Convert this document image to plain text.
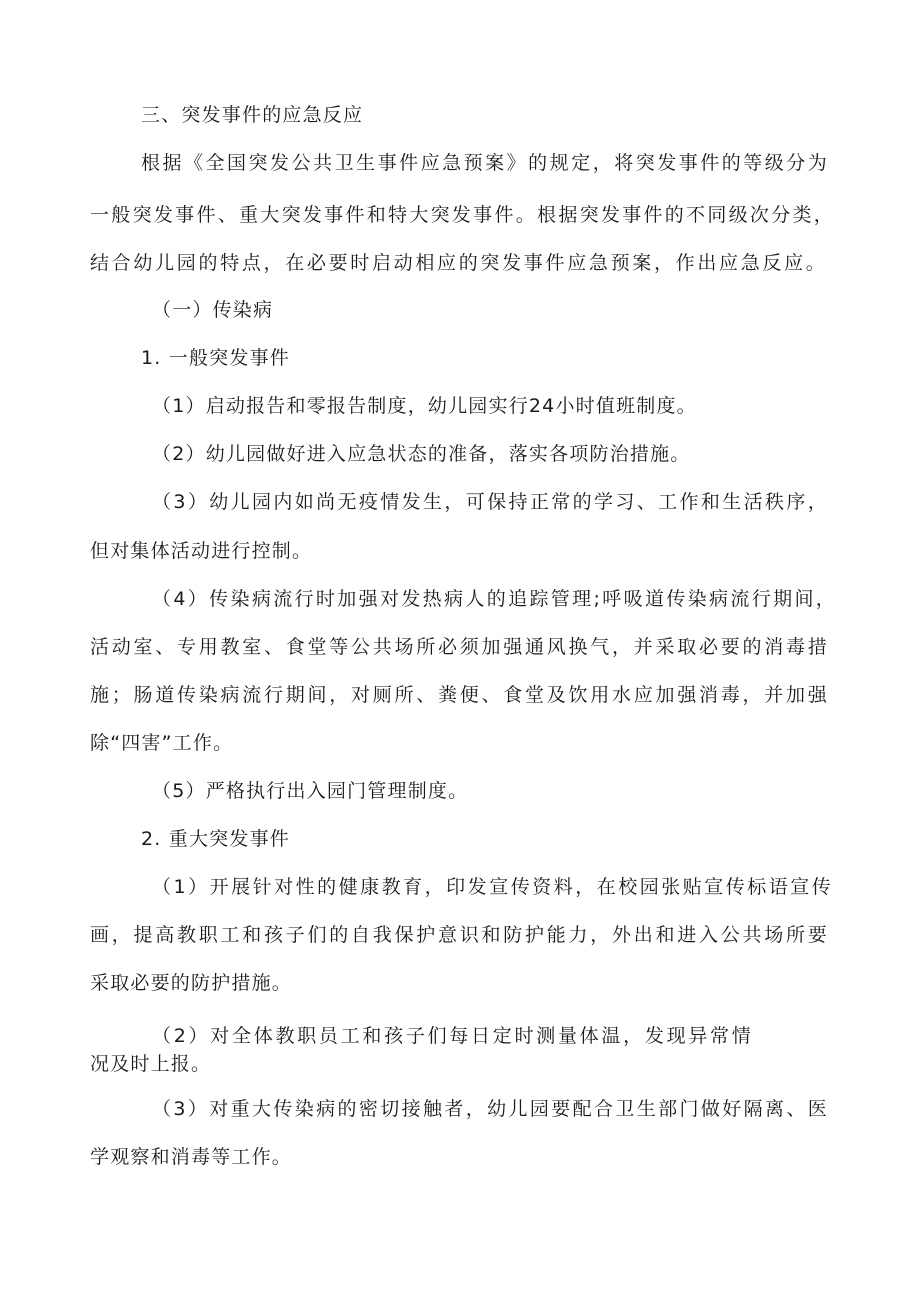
三、突发事件的应急反应
根据《全国突发公共卫生事件应急预案》的规定，将突发事件的等级分为
一般突发事件、重大突发事件和特大突发事件。根据突发事件的不同级次分类，
结合幼儿园的特点，在必要时启动相应的突发事件应急预案，作出应急反应。
（一）传染病
1. 一般突发事件
（1）启动报告和零报告制度，幼儿园实行24小时值班制度。
（2）幼儿园做好进入应急状态的准备，落实各项防治措施。
（3）幼儿园内如尚无疫情发生，可保持正常的学习、工作和生活秩序，
但对集体活动进行控制。
（4）传染病流行时加强对发热病人的追踪管理;呼吸道传染病流行期间，
活动室、专用教室、食堂等公共场所必须加强通风换气，并采取必要的消毒措
施；肠道传染病流行期间，对厕所、粪便、食堂及饮用水应加强消毒，并加强
除“四害”工作。
（5）严格执行出入园门管理制度。
2. 重大突发事件
（1）开展针对性的健康教育，印发宣传资料，在校园张贴宣传标语宣传
画，提高教职工和孩子们的自我保护意识和防护能力，外出和进入公共场所要
采取必要的防护措施。
（2）对全体教职员工和孩子们每日定时测量体温，发现异常情
况及时上报。
（3）对重大传染病的密切接触者，幼儿园要配合卫生部门做好隔离、医
学观察和消毒等工作。
